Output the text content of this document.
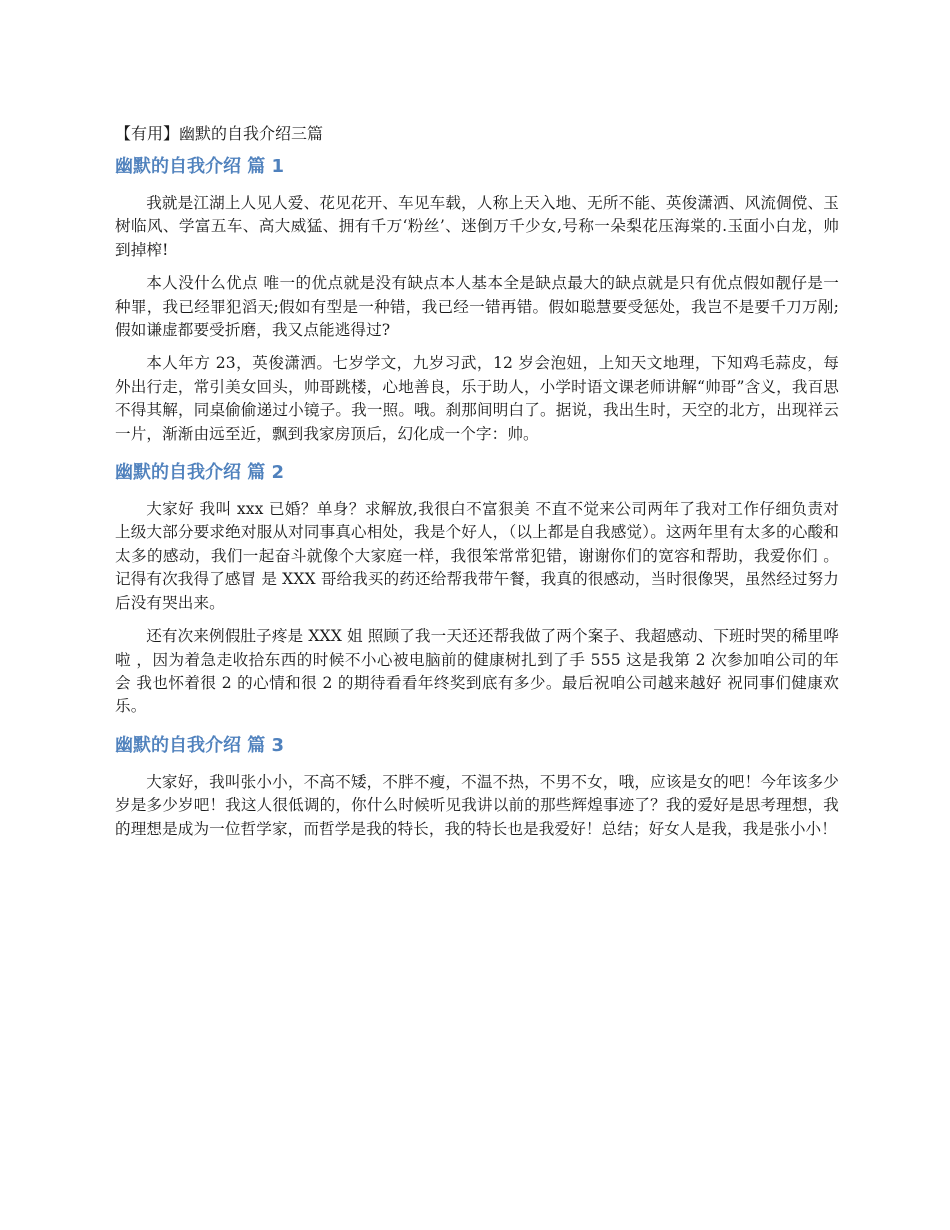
【有用】幽默的自我介绍三篇
幽默的自我介绍 篇 1

我就是江湖上人见人爱、花见花开、车见车载，人称上天入地、无所不能、英俊潇洒、风流倜傥、玉树临风、学富五车、高大威猛、拥有千万‘粉丝’、迷倒万千少女,号称一朵梨花压海棠的.玉面小白龙，帅到掉榨!

本人没什么优点 唯一的优点就是没有缺点本人基本全是缺点最大的缺点就是只有优点假如靓仔是一种罪，我已经罪犯滔天;假如有型是一种错，我已经一错再错。假如聪慧要受惩处，我岂不是要千刀万剐;假如谦虚都要受折磨，我又点能逃得过?

本人年方 23，英俊潇洒。七岁学文，九岁习武，12 岁会泡妞，上知天文地理，下知鸡毛蒜皮，每外出行走，常引美女回头，帅哥跳楼，心地善良，乐于助人，小学时语文课老师讲解“帅哥”含义，我百思不得其解，同桌偷偷递过小镜子。我一照。哦。刹那间明白了。据说，我出生时，天空的北方，出现祥云一片，渐渐由远至近，飘到我家房顶后，幻化成一个字：帅。

幽默的自我介绍 篇 2

大家好 我叫 xxx 已婚？单身？求解放,我很白不富狠美 不直不觉来公司两年了我对工作仔细负责对上级大部分要求绝对服从对同事真心相处，我是个好人，（以上都是自我感觉）。这两年里有太多的心酸和太多的感动，我们一起奋斗就像个大家庭一样，我很笨常常犯错，谢谢你们的宽容和帮助，我爱你们 。记得有次我得了感冒 是 XXX 哥给我买的药还给帮我带午餐，我真的很感动，当时很像哭，虽然经过努力后没有哭出来。

还有次来例假肚子疼是 XXX 姐 照顾了我一天还还帮我做了两个案子、我超感动、下班时哭的稀里哗啦 ，因为着急走收拾东西的时候不小心被电脑前的健康树扎到了手 555 这是我第 2 次参加咱公司的年会 我也怀着很 2 的心情和很 2 的期待看看年终奖到底有多少。最后祝咱公司越来越好 祝同事们健康欢乐。

幽默的自我介绍 篇 3

大家好，我叫张小小，不高不矮，不胖不瘦，不温不热，不男不女，哦，应该是女的吧！今年该多少岁是多少岁吧！我这人很低调的，你什么时候听见我讲以前的那些辉煌事迹了？我的爱好是思考理想，我的理想是成为一位哲学家，而哲学是我的特长，我的特长也是我爱好！总结；好女人是我，我是张小小！
